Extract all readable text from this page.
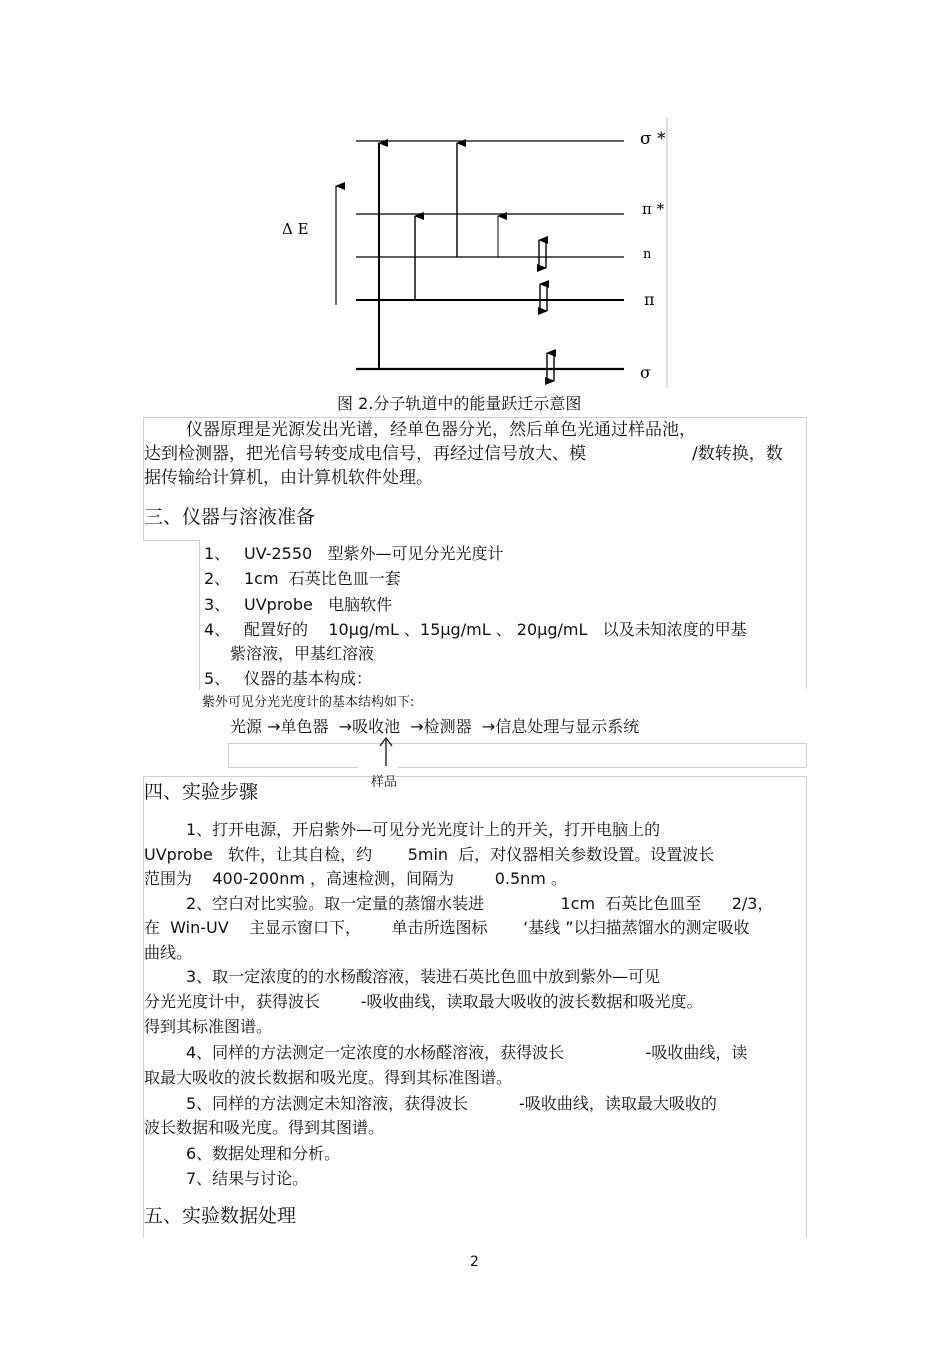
Δ E
σ *
π *
n
π
σ
图 2.分子轨道中的能量跃迁示意图
仪器原理是光源发出光谱，经单色器分光，然后单色光通过样品池，
达到检测器，把光信号转变成电信号，再经过信号放大、模	/数转换，数
据传输给计算机，由计算机软件处理。
三、仪器与溶液准备
1、 UV-2550   型紫外—可见分光光度计
2、 1cm  石英比色皿一套
3、 UVprobe   电脑软件
4、 配置好的    10μg/mL 、15μg/mL 、 20μg/mL   以及未知浓度的甲基
紫溶液，甲基红溶液
5、 仪器的基本构成：
紫外可见分光光度计的基本结构如下:
光源 →单色器  →吸收池  →检测器  →信息处理与显示系统
样品
四、实验步骤
1、打开电源，开启紫外—可见分光光度计上的开关，打开电脑上的
UVprobe   软件，让其自检，约       5min  后，对仪器相关参数设置。设置波长
范围为    400-200nm ，高速检测，间隔为        0.5nm 。
2、空白对比实验。取一定量的蒸馏水装进               1cm  石英比色皿至      2/3，
在  Win-UV    主显示窗口下，      单击所选图标       ‘基线 ”以扫描蒸馏水的测定吸收
曲线。
3、取一定浓度的的水杨酸溶液，装进石英比色皿中放到紫外—可见
分光光度计中，获得波长        -吸收曲线，读取最大吸收的波长数据和吸光度。
得到其标准图谱。
4、同样的方法测定一定浓度的水杨醛溶液，获得波长                -吸收曲线，读
取最大吸收的波长数据和吸光度。得到其标准图谱。
5、同样的方法测定未知溶液，获得波长          -吸收曲线，读取最大吸收的
波长数据和吸光度。得到其图谱。
6、数据处理和分析。
7、结果与讨论。
五、实验数据处理
2
